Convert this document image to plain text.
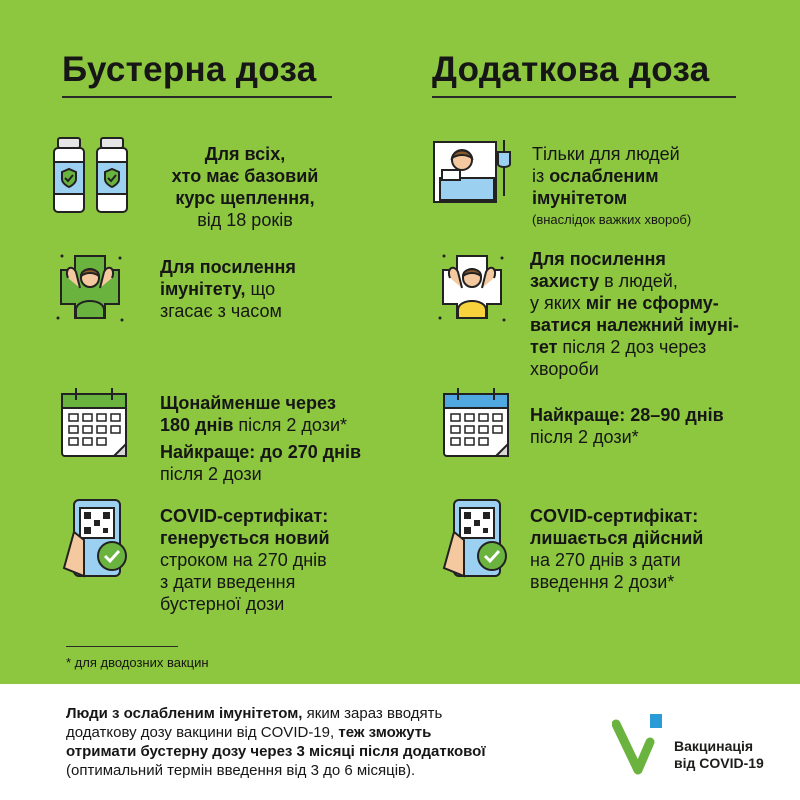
Бустерна доза	Додаткова доза
Для всіх,
хто має базовий
курс щеплення,
від 18 років
Для посилення
імунітету, що
згасає з часом
Щонайменше через
180 днів після 2 дози*
Найкраще: до 270 днів
після 2 дози
COVID-сертифікат:
генерується новий
строком на 270 днів
з дати введення
бустерної дози
Тільки для людей
із ослабленим
імунітетом
(внаслідок важких хвороб)
Для посилення
захисту в людей,
у яких міг не сформу-
ватися належний імуні-
тет після 2 доз через
хвороби
Найкраще: 28–90 днів
після 2 дози*
COVID-сертифікат:
лишається дійсний
на 270 днів з дати
введення 2 дози*
* для дводозних вакцин
Люди з ослабленим імунітетом, яким зараз вводять
додаткову дозу вакцини від COVID-19, теж зможуть
отримати бустерну дозу через 3 місяці після додаткової
(оптимальний термін введення від 3 до 6 місяців).
Вакцинація
від COVID-19
